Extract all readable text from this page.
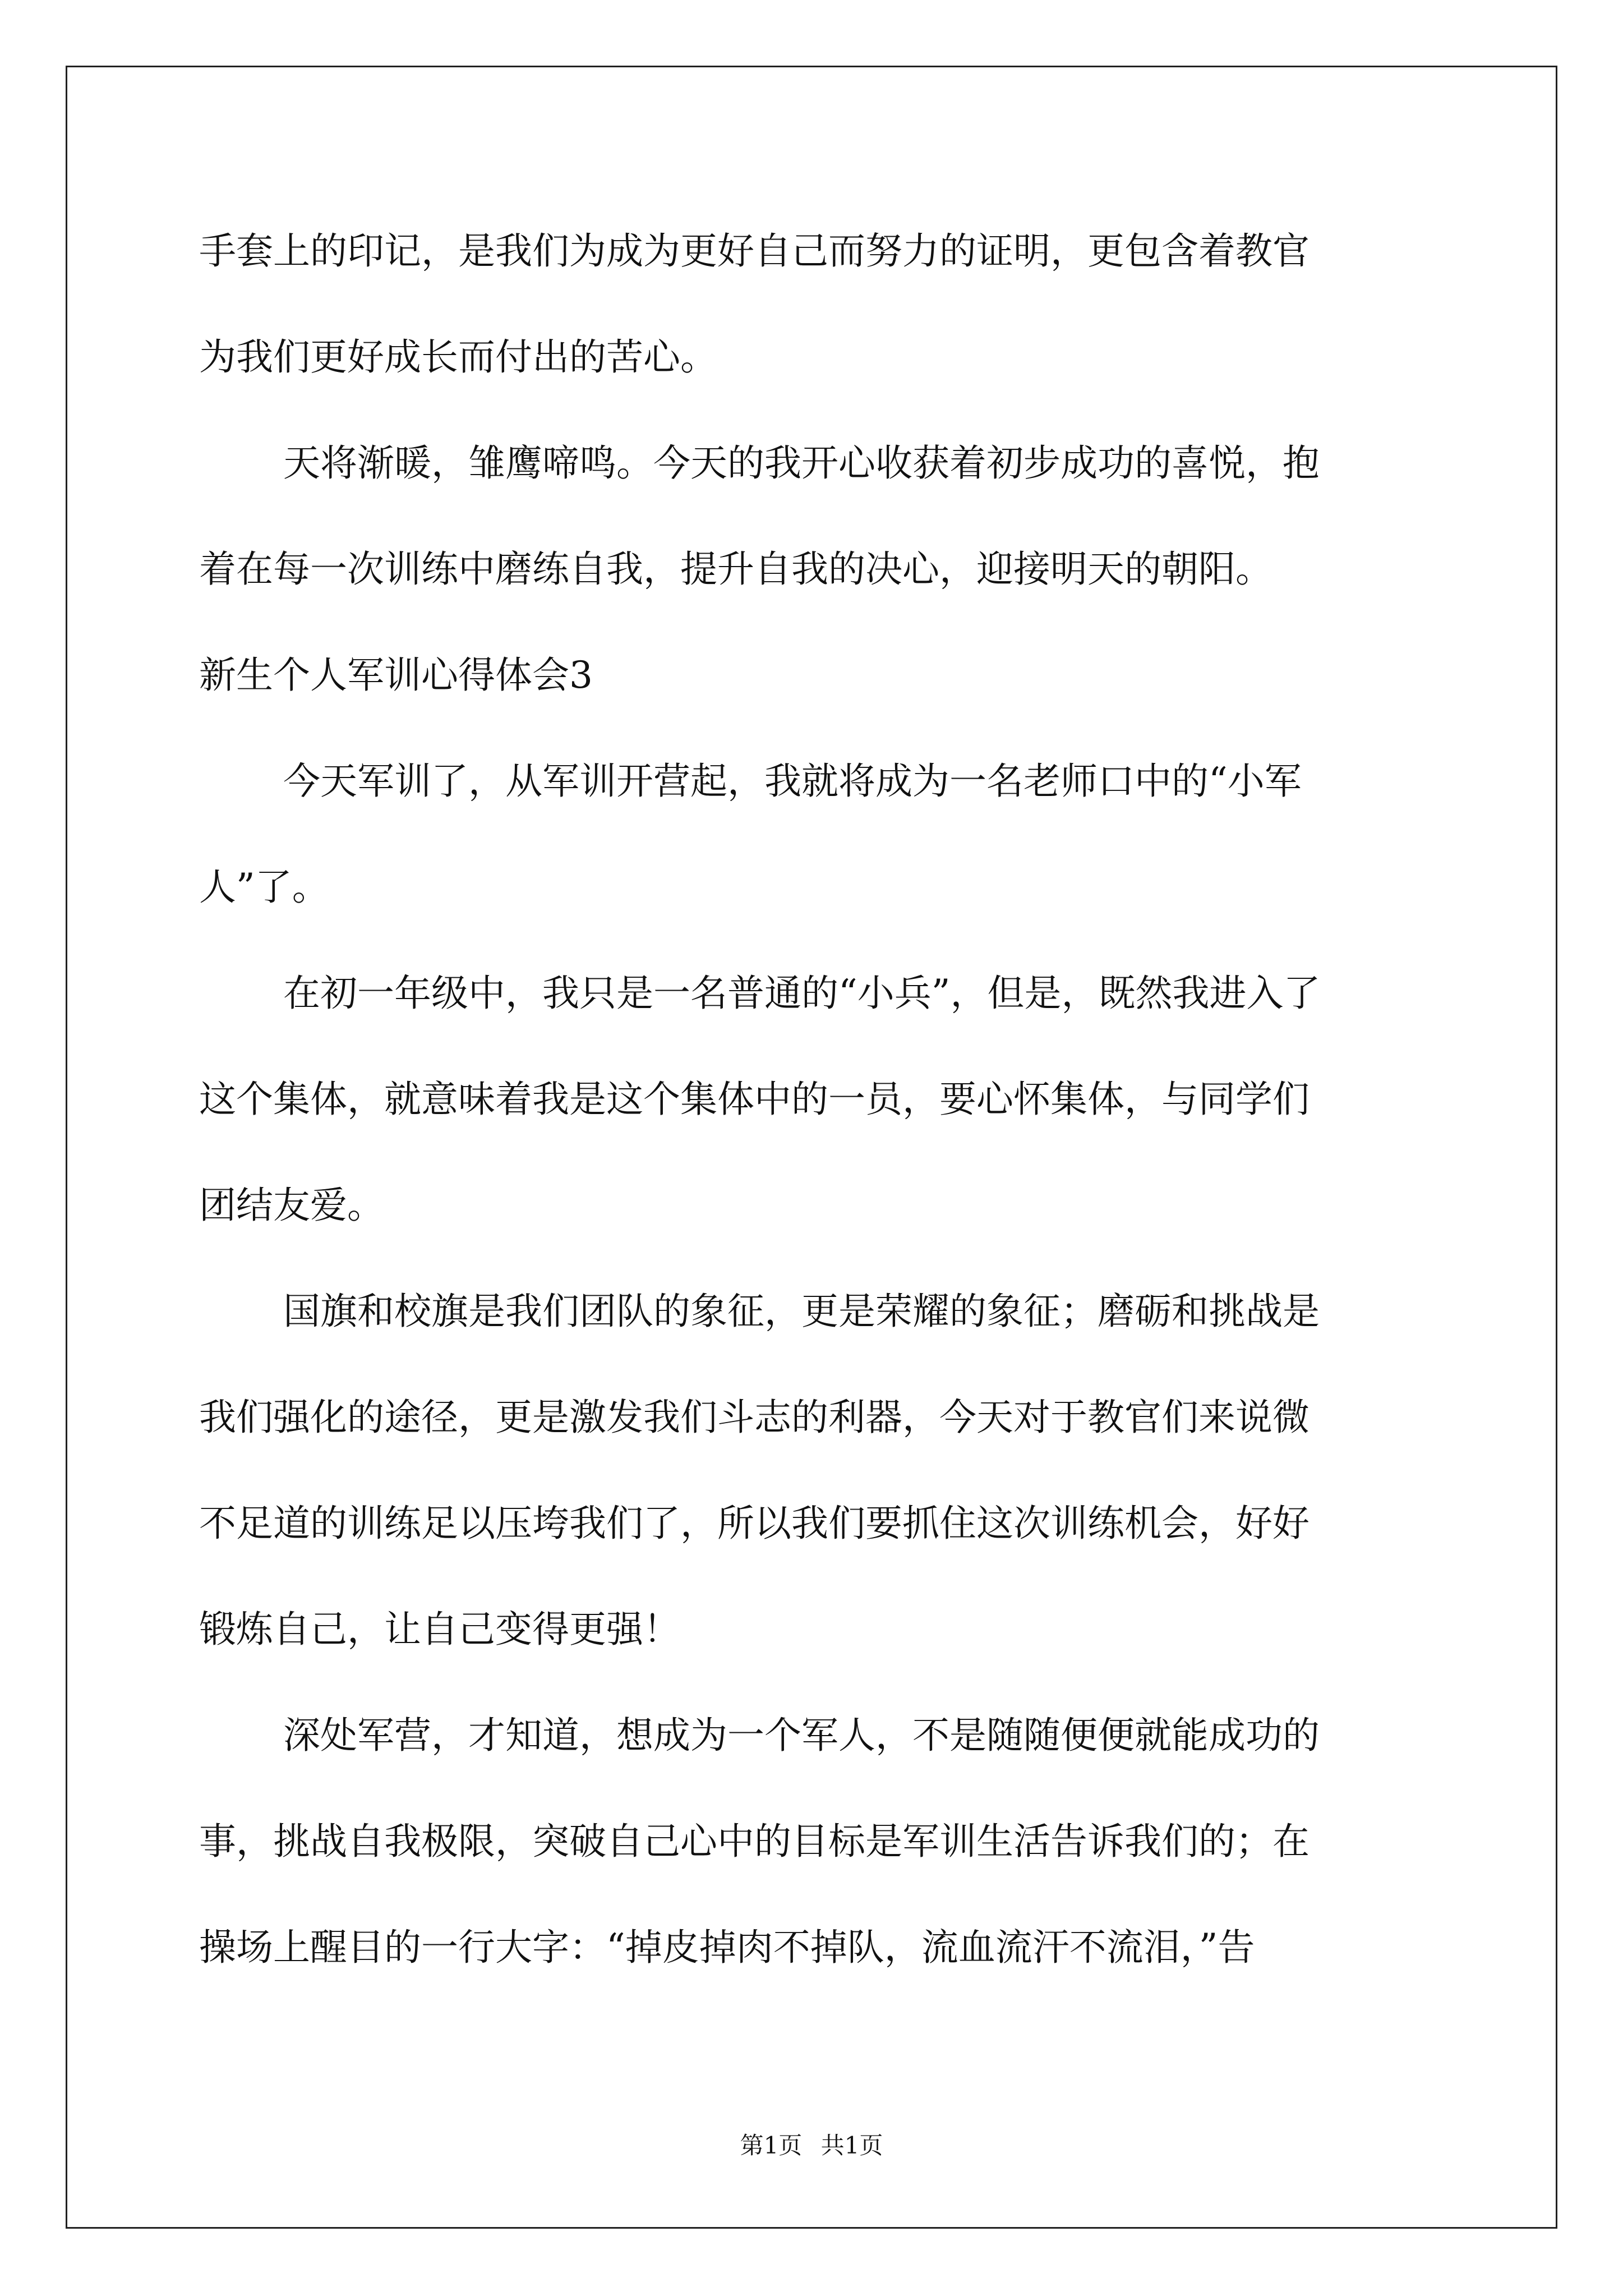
手套上的印记，是我们为成为更好自己而努力的证明，更包含着教官
为我们更好成长而付出的苦心。
天将渐暖，雏鹰啼鸣。今天的我开心收获着初步成功的喜悦，抱
着在每一次训练中磨练自我，提升自我的决心，迎接明天的朝阳。
新生个人军训心得体会3
今天军训了，从军训开营起，我就将成为一名老师口中的“小军
人”了。
在初一年级中，我只是一名普通的“小兵”，但是，既然我进入了
这个集体，就意味着我是这个集体中的一员，要心怀集体，与同学们
团结友爱。
国旗和校旗是我们团队的象征，更是荣耀的象征；磨砺和挑战是
我们强化的途径，更是激发我们斗志的利器，今天对于教官们来说微
不足道的训练足以压垮我们了，所以我们要抓住这次训练机会，好好
锻炼自己，让自己变得更强！
深处军营，才知道，想成为一个军人，不是随随便便就能成功的
事，挑战自我极限，突破自己心中的目标是军训生活告诉我们的；在
操场上醒目的一行大字：“掉皮掉肉不掉队，流血流汗不流泪，”告
第1页 共1页
